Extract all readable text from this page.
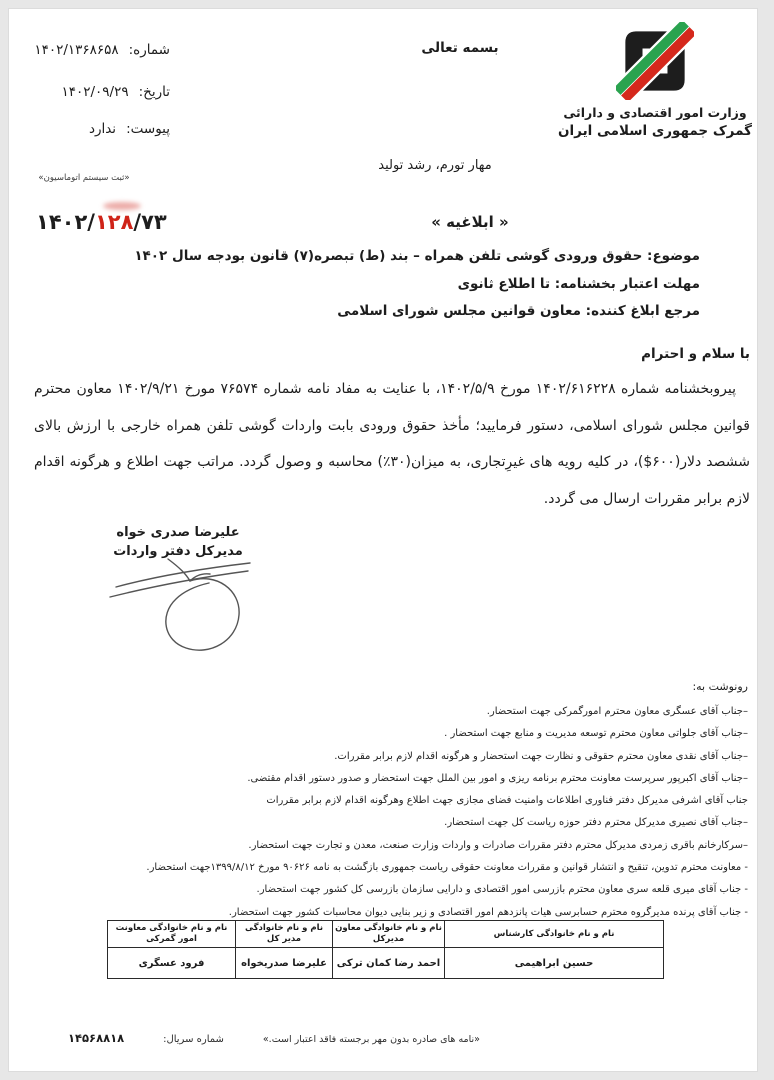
شماره:۱۴۰۲/۱۳۶۸۶۵۸
تاریخ:۱۴۰۲/۰۹/۲۹
پیوست:ندارد
«ثبت سیستم اتوماسیون»
بسمه تعالی
مهار تورم، رشد تولید
وزارت امور اقتصادی و دارائی
گمرک جمهوری اسلامی ایران
۱۴۰۲/۱۲۸/۷۳	« ابلاغیه »
موضوع: حقوق ورودی گوشی تلفن همراه – بند (ط) تبصره(۷) قانون بودجه سال ۱۴۰۲
مهلت اعتبار بخشنامه: تا اطلاع ثانوی
مرجع ابلاغ کننده: معاون قوانین مجلس شورای اسلامی
با سلام و احترام

پیروبخشنامه شماره ۱۴۰۲/۶۱۶۲۲۸ مورخ ۱۴۰۲/۵/۹، با عنایت به مفاد نامه شماره ۷۶۵۷۴ مورخ ۱۴۰۲/۹/۲۱ معاون محترم قوانین مجلس شورای اسلامی، دستور فرمایید؛ مأخذ حقوق ورودی بابت واردات گوشی تلفن همراه خارجی با ارزش بالای ششصد دلار(۶۰۰$)، در کلیه رویه های غیرِتجاری، به میزان(۳۰٪) محاسبه و وصول گردد. مراتب جهت اطلاع و هرگونه اقدام لازم برابر مقررات ارسال می گردد.

علیرضا صدری خواه
مدیرکل دفتر واردات
رونوشت به:
–جناب آقای عسگری معاون محترم امورگمرکی جهت استحضار.
–جناب آقای جلواتی معاون محترم توسعه مدیریت و منابع جهت استحضار .
–جناب آقای نقدی معاون محترم حقوقی و نظارت جهت استحضار و هرگونه اقدام لازم برابر مقررات.
–جناب آقای اکبرپور سرپرست معاونت محترم برنامه ریزی و امور بین الملل جهت استحضار و صدور دستور اقدام مقتضی.
جناب آقای اشرفی مدیرکل دفتر فناوری اطلاعات وامنیت فضای مجازی جهت اطلاع وهرگونه اقدام لازم برابر مقررات
–جناب آقای نصیری مدیرکل محترم دفتر حوزه ریاست کل جهت استحضار.
–سرکارخانم باقری زمردی مدیرکل محترم دفتر مقررات صادرات و واردات وزارت صنعت، معدن و تجارت جهت استحضار.
- معاونت محترم تدوین، تنقیح و انتشار قوانین و مقررات معاونت حقوقی ریاست جمهوری بازگشت به نامه ۹۰۶۲۶ مورخ ۱۳۹۹/۸/۱۲جهت استحضار.
- جناب آقای میری قلعه سری معاون محترم بازرسی امور اقتصادی و دارایی سازمان بازرسی کل کشور جهت استحضار.
- جناب آقای پرنده مدیرگروه محترم حسابرسی هیات پانزدهم امور اقتصادی و زیر بنایی دیوان محاسبات کشور جهت استحضار.
نام و نام خانوادگی کارشناس	نام و نام خانوادگی معاون مدیرکل	نام و نام خانوادگی مدیر کل	نام و نام خانوادگی معاونت امور گمرکی
حسین ابراهیمی	احمد رضا کمان ترکی	علیرضا صدریخواه	فرود عسگری
«نامه های صادره بدون مهر برجسته فاقد اعتبار است.»
شماره سریال:
۱۴۵۶۸۸۱۸
